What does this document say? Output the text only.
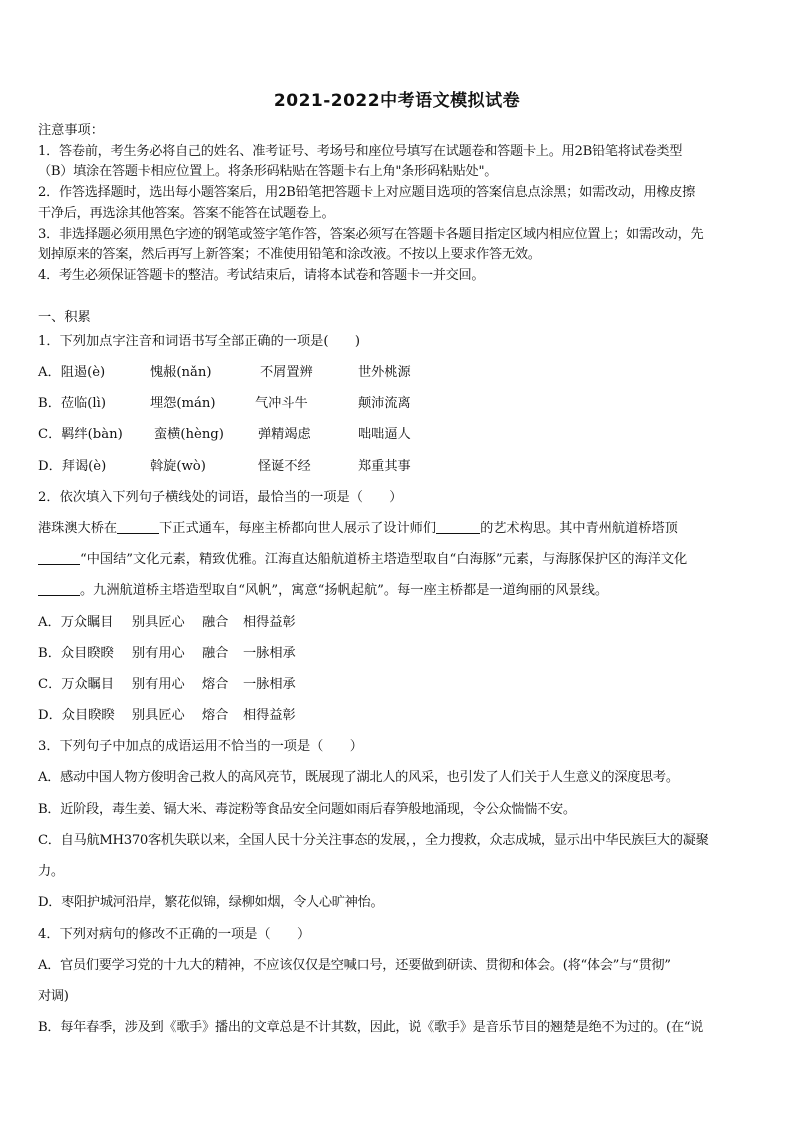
2021-2022中考语文模拟试卷
注意事项：
1．答卷前，考生务必将自己的姓名、准考证号、考场号和座位号填写在试题卷和答题卡上。用2B铅笔将试卷类型
（B）填涂在答题卡相应位置上。将条形码粘贴在答题卡右上角"条形码粘贴处"。
2．作答选择题时，选出每小题答案后，用2B铅笔把答题卡上对应题目选项的答案信息点涂黑；如需改动，用橡皮擦
干净后，再选涂其他答案。答案不能答在试题卷上。
3．非选择题必须用黑色字迹的钢笔或签字笔作答，答案必须写在答题卡各题目指定区域内相应位置上；如需改动，先
划掉原来的答案，然后再写上新答案；不准使用铅笔和涂改液。不按以上要求作答无效。
4．考生必须保证答题卡的整洁。考试结束后，请将本试卷和答题卡一并交回。
一、积累
1．下列加点字注音和词语书写全部正确的一项是(　　)
A．阻遏(è)	愧赧(nǎn)	不屑置辨	世外桃源
B．莅临(lì)	埋怨(mán)	气冲斗牛	颠沛流离
C．羁绊(bàn) 蛮横(hèng)	弹精竭虑	咄咄逼人
D．拜谒(è)	斡旋(wò)	怪诞不经	郑重其事
2．依次填入下列句子横线处的词语，最恰当的一项是（　　）
港珠澳大桥在	下正式通车，每座主桥都向世人展示了设计师们	的艺术构思。其中青州航道桥塔顶
“中国结”文化元素，精致优雅。江海直达船航道桥主塔造型取自“白海豚”元素，与海豚保护区的海洋文化
。九洲航道桥主塔造型取自“风帆”，寓意“扬帆起航”。每一座主桥都是一道绚丽的风景线。
A．万众瞩目 别具匠心 融合 相得益彰
B．众目睽睽 别有用心 融合 一脉相承
C．万众瞩目 别有用心 熔合 一脉相承
D．众目睽睽 别具匠心 熔合 相得益彰
3．下列句子中加点的成语运用不恰当的一项是（　　）
A．感动中国人物方俊明舍己救人的高风亮节，既展现了湖北人的风采，也引发了人们关于人生意义的深度思考。
B．近阶段，毒生姜、镉大米、毒淀粉等食品安全问题如雨后春笋般地涌现，令公众惴惴不安。
C．自马航MH370客机失联以来，全国人民十分关注事态的发展，，全力搜救，众志成城，显示出中华民族巨大的凝聚
力。
D．枣阳护城河沿岸，繁花似锦，绿柳如烟，令人心旷神怡。
4．下列对病句的修改不正确的一项是（　　）
A．官员们要学习党的十九大的精神，不应该仅仅是空喊口号，还要做到研读、贯彻和体会。(将“体会”与“贯彻”
对调)
B．每年春季，涉及到《歌手》播出的文章总是不计其数，因此，说《歌手》是音乐节目的翘楚是绝不为过的。(在“说
